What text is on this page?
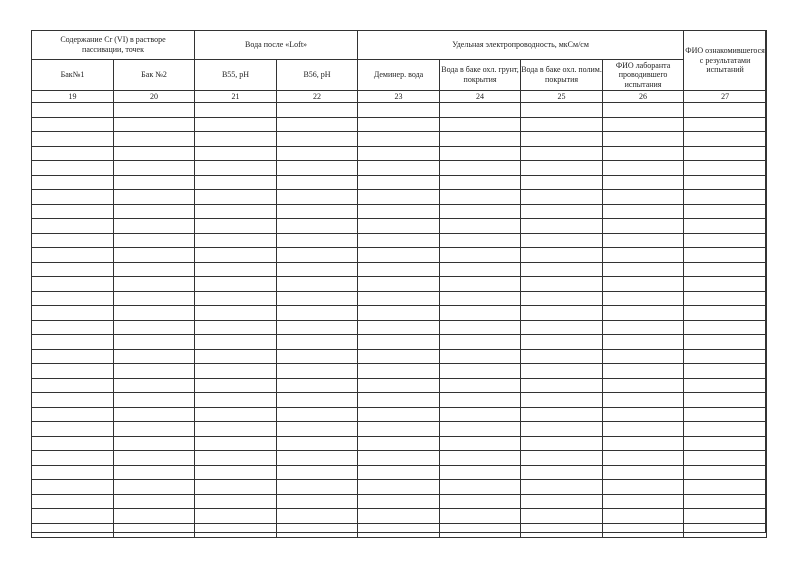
Содержание Cr (VI) в растворе пассивации, точек		Вода после «Loft»		Удельная электропроводность, мкСм/см				ФИО ознакомившегося с результатами испытаний
Бак№1	Бак №2	В55, pH	В56, pH	Деминер. вода	Вода в баке охл. грунт, покрытия	Вода в баке охл. полим. покрытия	ФИО лаборанта проводившего испытания	
19	20	21	22	23	24	25	26	27
